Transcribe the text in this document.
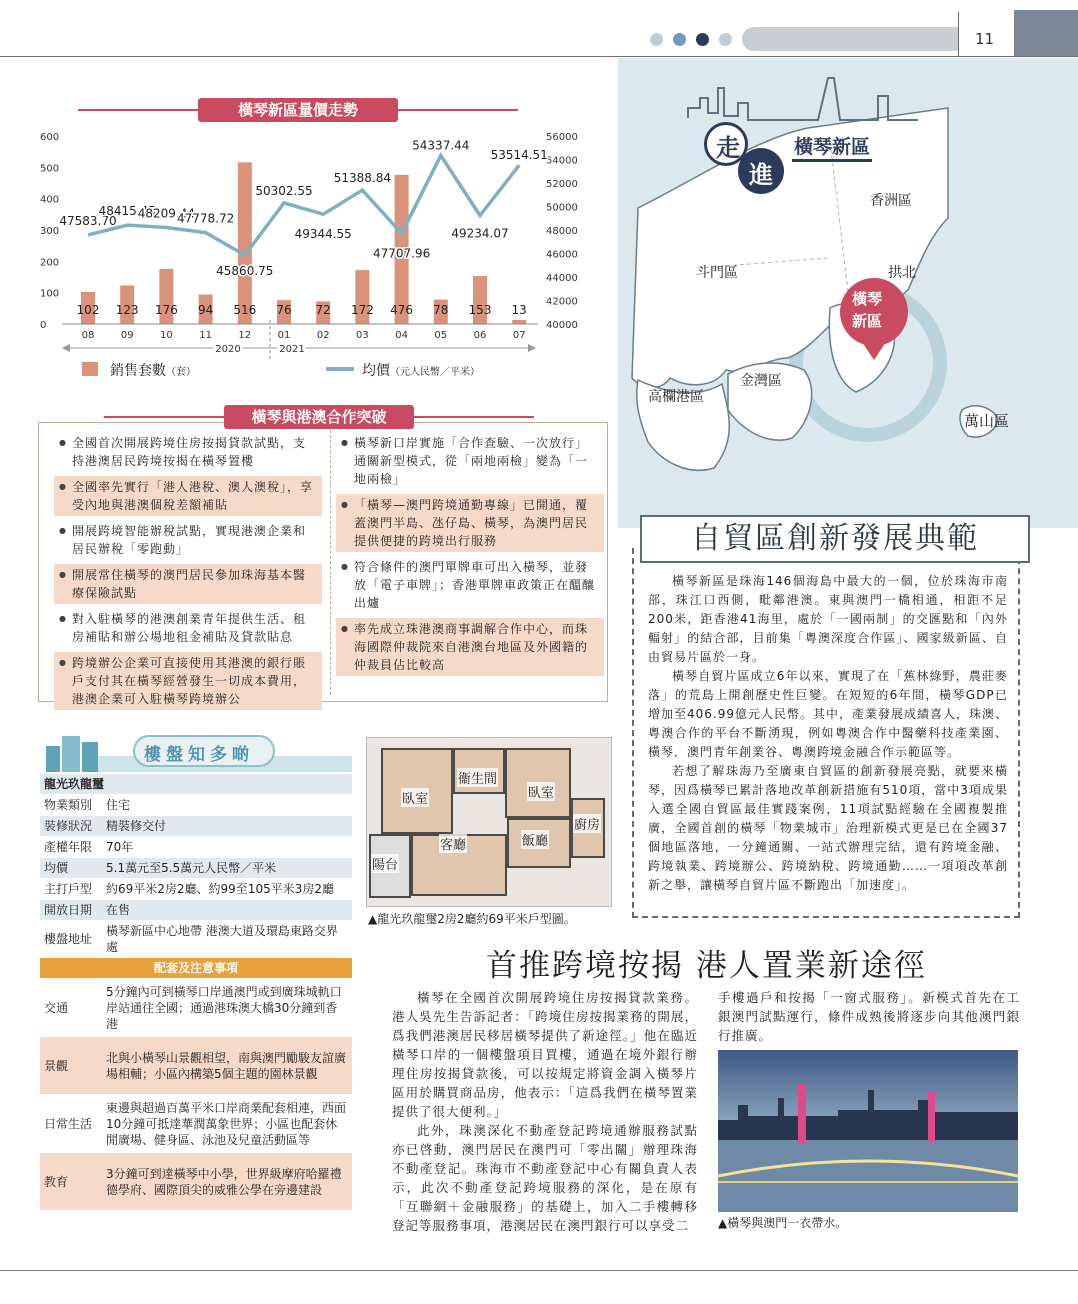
11
橫琴新區量價走勢
0
100
200
300
400
500
600
40000
42000
44000
46000
48000
50000
52000
54000
56000
102 123 176 94 516 76 72 172 476 78 153 13
47583.70
48415.45
48209.44
47778.72
45860.75
50302.55
49344.55
51388.84
47707.96
54337.44
49234.07
53514.51
08	09	10	11	12	01	02	03	04	05	06	07
2020	2021
銷售套數（套）	均價（元人民幣／平米）
橫琴與港澳合作突破
● 全國首次開展跨境住房按揭貸款試點，支持港澳居民跨境按揭在橫琴置樓
● 全國率先實行「港人港稅、澳人澳稅」，享受內地與港澳個稅差額補貼
● 開展跨境智能辦稅試點，實現港澳企業和居民辦稅「零跑動」
● 開展常住橫琴的澳門居民參加珠海基本醫療保險試點
● 對入駐橫琴的港澳創業青年提供生活、租房補貼和辦公場地租金補貼及貸款貼息
● 跨境辦公企業可直接使用其港澳的銀行賬戶支付其在橫琴經營發生一切成本費用，港澳企業可入駐橫琴跨境辦公
● 橫琴新口岸實施「合作查驗、一次放行」通關新型模式，從「兩地兩檢」變為「一地兩檢」
● 「橫琴—澳門跨境通勤專線」已開通，覆蓋澳門半島、氹仔島、橫琴，為澳門居民提供便捷的跨境出行服務
● 符合條件的澳門單牌車可出入橫琴，並發放「電子車牌」；香港單牌車政策正在醞釀出爐
● 率先成立珠港澳商事調解合作中心，而珠海國際仲裁院來自港澳台地區及外國籍的仲裁員佔比較高
樓盤知多啲
龍光玖龍璽	
物業類別	住宅
裝修狀況	精裝修交付
產權年限	70年
均價	5.1萬元至5.5萬元人民幣／平米
主打戶型	約69平米2房2廳、約99至105平米3房2廳
開放日期	在售
樓盤地址	橫琴新區中心地帶 港澳大道及環島東路交界處
配套及注意事項	
交通	5分鐘內可到橫琴口岸通澳門或到廣珠城軌口岸站通往全國；通過港珠澳大橋30分鐘到香港
景觀	北與小橫琴山景觀相望，南與澳門勵駿友誼廣場相輔；小區內構築5個主題的園林景觀
日常生活	東邊與超過百萬平米口岸商業配套相連，西面10分鐘可抵達華潤萬象世界；小區也配套休閒廣場、健身區、泳池及兒童活動區等
教育	3分鐘可到達橫琴中小學，世界級摩府哈羅禮德學府、國際頂尖的威雅公學在旁邊建設
衞生間
臥室	臥室
客廳	飯廳
廚房
陽台
▲龍光玖龍璽2房2廳約69平米戶型圖。
走
進
橫琴新區
香洲區
斗門區	拱北
金灣區
高欄港區
萬山區
橫琴
新區
自貿區創新發展典範

橫琴新區是珠海146個海島中最大的一個，位於珠海市南部，珠江口西側，毗鄰港澳。東與澳門一橋相通，相距不足200米，距香港41海里，處於「一國兩制」的交匯點和「內外輻射」的結合部，目前集「粵澳深度合作區」、國家級新區、自由貿易片區於一身。

橫琴自貿片區成立6年以來，實現了在「蕉林綠野，農莊麥落」的荒島上開創歷史性巨變。在短短的6年間，橫琴GDP已增加至406.99億元人民幣。其中，產業發展成績喜人，珠澳、粵澳合作的平台不斷湧現，例如粵澳合作中醫藥科技產業園、橫琴．澳門青年創業谷、粵澳跨境金融合作示範區等。

若想了解珠海乃至廣東自貿區的創新發展亮點，就要來橫琴，因爲橫琴已累計落地改革創新措施有510項，當中3項成果入選全國自貿區最佳實踐案例，11項試點經驗在全國複製推廣，全國首創的橫琴「物業城市」治理新模式更是已在全國37個地區落地，一分鐘通關、一站式辦理完結，還有跨境金融、跨境執業、跨境辦公、跨境納稅、跨境通勤……一項項改革創新之舉，讓橫琴自貿片區不斷跑出「加速度」。

首推跨境按揭 港人置業新途徑

橫琴在全國首次開展跨境住房按揭貸款業務。港人吳先生告訴記者：「跨境住房按揭業務的開展，爲我們港澳居民移居橫琴提供了新途徑。」他在臨近橫琴口岸的一個樓盤項目買樓，通過在境外銀行辦理住房按揭貸款後，可以按規定將資金調入橫琴片區用於購買商品房，他表示：「這爲我們在橫琴置業提供了很大便利。」

此外，珠澳深化不動產登記跨境通辦服務試點亦已啓動，澳門居民在澳門可「零出關」辦理珠海不動產登記。珠海市不動產登記中心有關負責人表示，此次不動產登記跨境服務的深化，是在原有「互聯網＋金融服務」的基礎上，加入二手樓轉移登記等服務事項，港澳居民在澳門銀行可以享受二

手樓過戶和按揭「一窗式服務」。新模式首先在工銀澳門試點運行，條件成熟後將逐步向其他澳門銀行推廣。
▲橫琴與澳門一衣帶水。
